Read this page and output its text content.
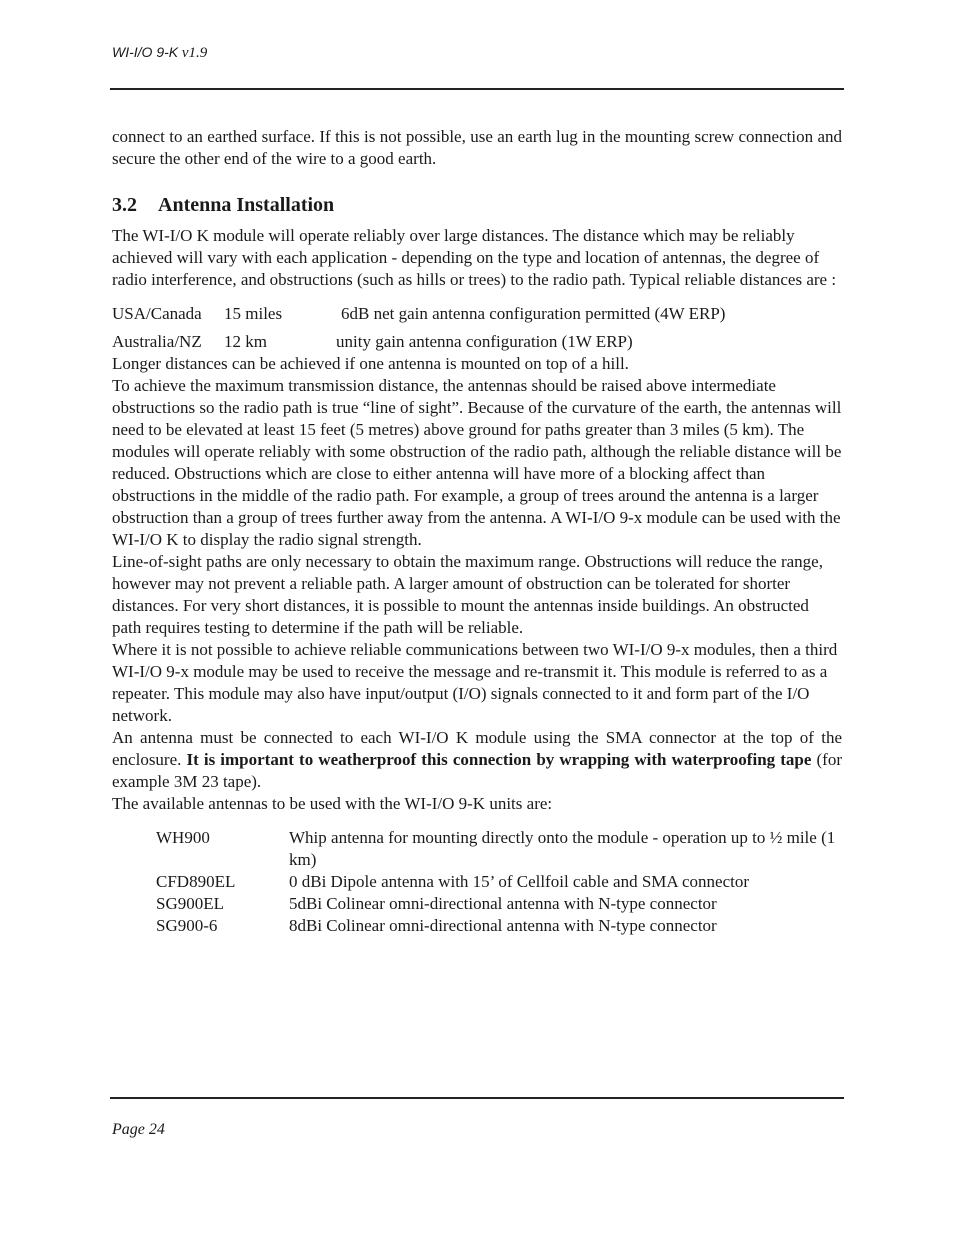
WI-I/O 9-K v1.9

connect to an earthed surface. If this is not possible, use an earth lug in the mounting screw connection and secure the other end of the wire to a good earth.

3.2 Antenna Installation

The WI-I/O K module will operate reliably over large distances. The distance which may be reliably achieved will vary with each application - depending on the type and location of antennas, the degree of radio interference, and obstructions (such as hills or trees) to the radio path. Typical reliable distances are :

USA/Canada	15 miles	6dB net gain antenna configuration permitted (4W ERP)
Australia/NZ	12 km	unity gain antenna configuration (1W ERP)

Longer distances can be achieved if one antenna is mounted on top of a hill.

To achieve the maximum transmission distance, the antennas should be raised above intermediate obstructions so the radio path is true “line of sight”. Because of the curvature of the earth, the antennas will need to be elevated at least 15 feet (5 metres) above ground for paths greater than 3 miles (5 km). The modules will operate reliably with some obstruction of the radio path, although the reliable distance will be reduced. Obstructions which are close to either antenna will have more of a blocking affect than obstructions in the middle of the radio path. For example, a group of trees around the antenna is a larger obstruction than a group of trees further away from the antenna. A WI-I/O 9-x module can be used with the WI-I/O K to display the radio signal strength.

Line-of-sight paths are only necessary to obtain the maximum range. Obstructions will reduce the range, however may not prevent a reliable path. A larger amount of obstruction can be tolerated for shorter distances. For very short distances, it is possible to mount the antennas inside buildings. An obstructed path requires testing to determine if the path will be reliable.

Where it is not possible to achieve reliable communications between two WI-I/O 9-x modules, then a third WI-I/O 9-x module may be used to receive the message and re-transmit it. This module is referred to as a repeater. This module may also have input/output (I/O) signals connected to it and form part of the I/O network.

An antenna must be connected to each WI-I/O K module using the SMA connector at the top of the enclosure. It is important to weatherproof this connection by wrapping with waterproofing tape (for example 3M 23 tape).

The available antennas to be used with the WI-I/O 9-K units are:

WH900	Whip antenna for mounting directly onto the module - operation up to ½ mile (1 km)
CFD890EL	0 dBi Dipole antenna with 15’ of Cellfoil cable and SMA connector
SG900EL	5dBi Colinear omni-directional antenna with N-type connector
SG900-6	8dBi Colinear omni-directional antenna with N-type connector
Page 24
